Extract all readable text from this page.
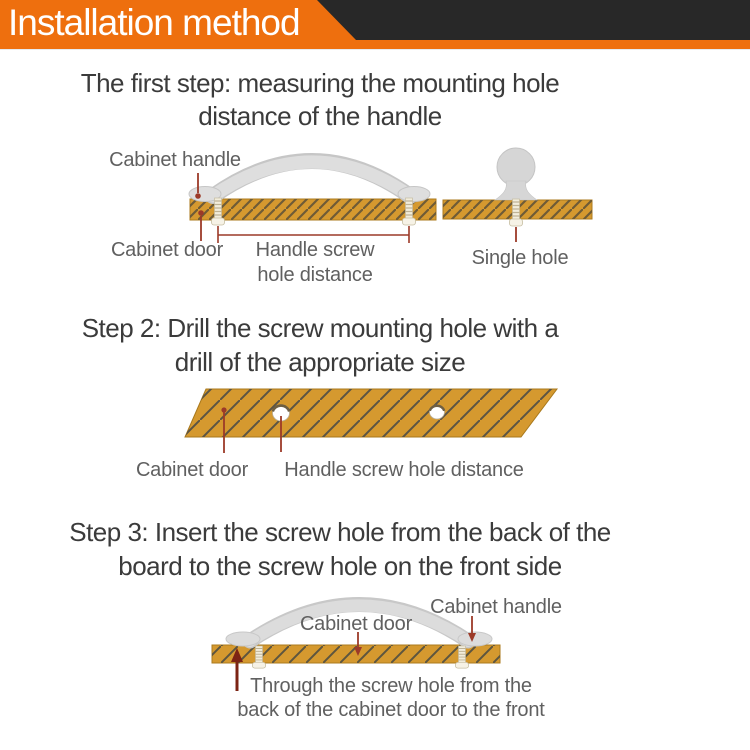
Installation method
The first step: measuring the mounting hole
distance of the handle
Step 2: Drill the screw mounting hole with a
drill of the appropriate size
Step 3: Insert the screw hole from the back of the
board to the screw hole on the front side
Cabinet handle
Cabinet door	Handle screw
hole distance
Single hole
Cabinet door	Handle screw hole distance
Cabinet handle
Cabinet door
Through the screw hole from the
back of the cabinet door to the front
